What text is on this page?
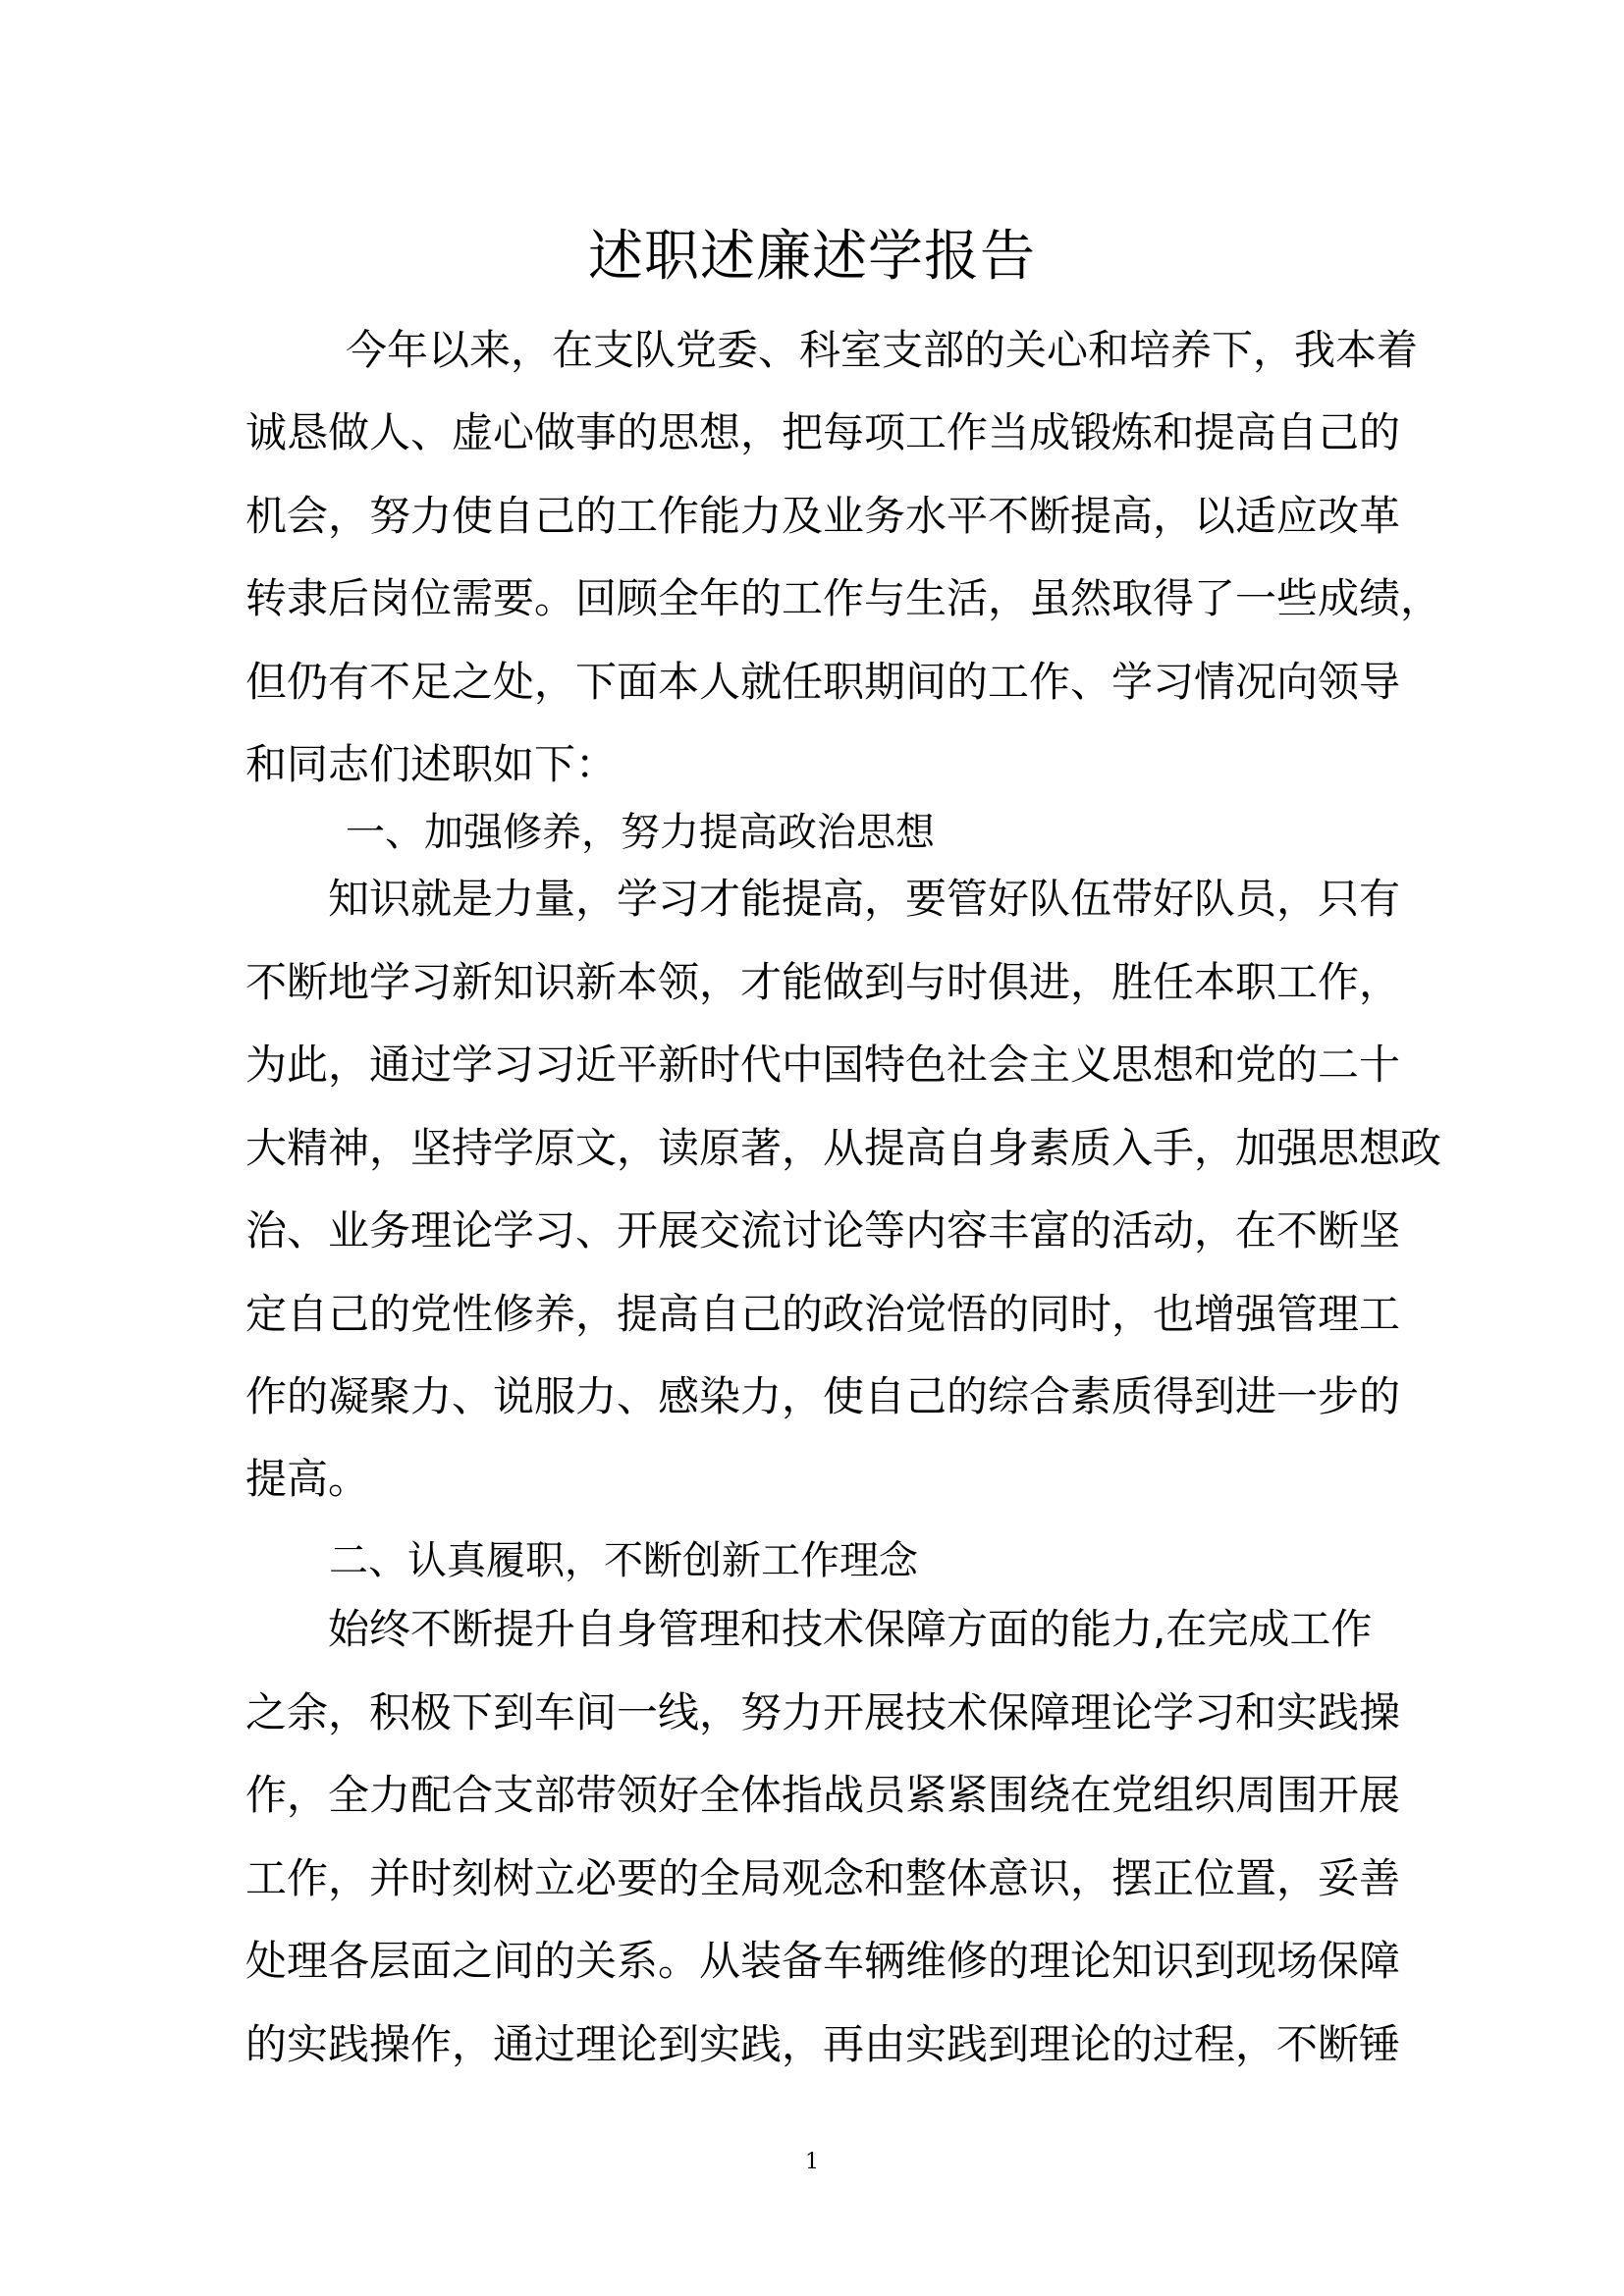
述职述廉述学报告
今年以来，在支队党委、科室支部的关心和培养下，我本着
诚恳做人、虚心做事的思想，把每项工作当成锻炼和提高自己的
机会，努力使自己的工作能力及业务水平不断提高，以适应改革
转隶后岗位需要。回顾全年的工作与生活，虽然取得了一些成绩，
但仍有不足之处，下面本人就任职期间的工作、学习情况向领导
和同志们述职如下：
一、加强修养，努力提高政治思想
知识就是力量，学习才能提高，要管好队伍带好队员，只有
不断地学习新知识新本领，才能做到与时俱进，胜任本职工作，
为此，通过学习习近平新时代中国特色社会主义思想和党的二十
大精神，坚持学原文，读原著，从提高自身素质入手，加强思想政
治、业务理论学习、开展交流讨论等内容丰富的活动，在不断坚
定自己的党性修养，提高自己的政治觉悟的同时，也增强管理工
作的凝聚力、说服力、感染力，使自己的综合素质得到进一步的
提高。
二、认真履职，不断创新工作理念
始终不断提升自身管理和技术保障方面的能力,在完成工作
之余，积极下到车间一线，努力开展技术保障理论学习和实践操
作，全力配合支部带领好全体指战员紧紧围绕在党组织周围开展
工作，并时刻树立必要的全局观念和整体意识，摆正位置，妥善
处理各层面之间的关系。从装备车辆维修的理论知识到现场保障
的实践操作，通过理论到实践，再由实践到理论的过程，不断锤
1
